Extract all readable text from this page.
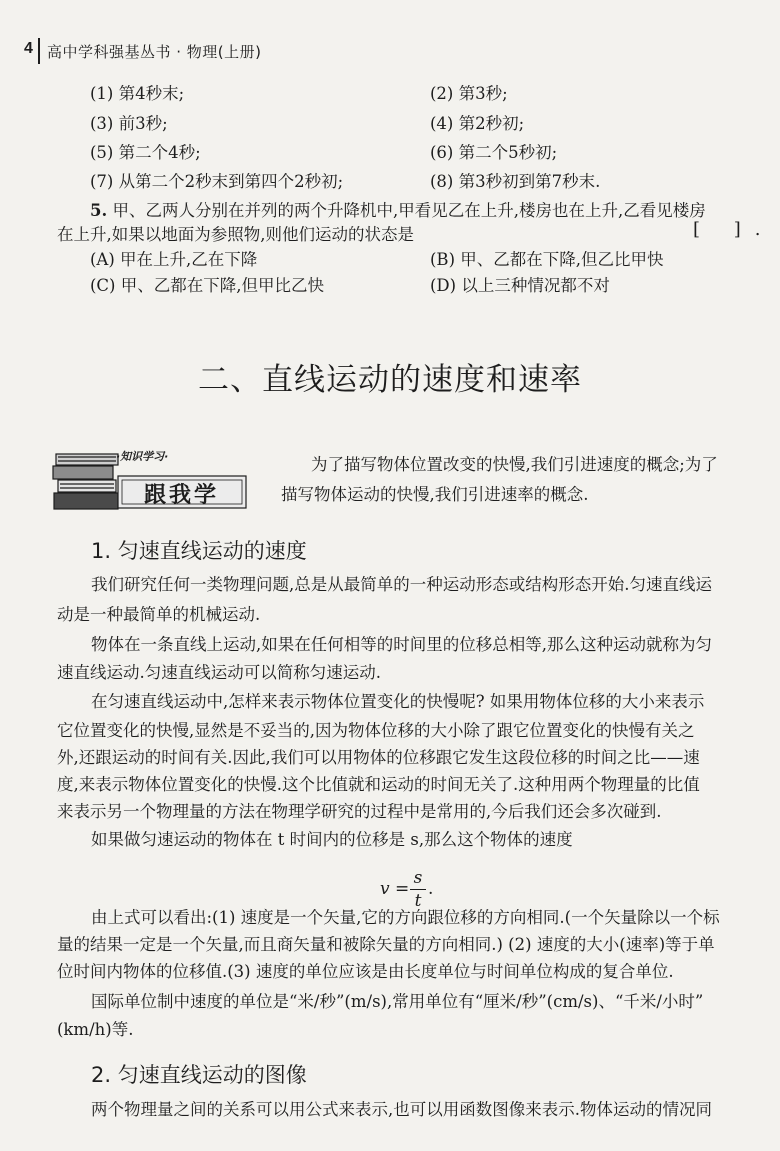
4 高中学科强基丛书 · 物理(上册)
(1) 第4秒末;	(2) 第3秒;
(3) 前3秒;	(4) 第2秒初;
(5) 第二个4秒;	(6) 第二个5秒初;
(7) 从第二个2秒末到第四个2秒初;	(8) 第3秒初到第7秒末.
5. 甲、乙两人分别在并列的两个升降机中,甲看见乙在上升,楼房也在上升,乙看见楼房
在上升,如果以地面为参照物,则他们运动的状态是	[ ].
(A) 甲在上升,乙在下降	(B) 甲、乙都在下降,但乙比甲快
(C) 甲、乙都在下降,但甲比乙快	(D) 以上三种情况都不对
二、直线运动的速度和速率
·知识学习·
跟我学
为了描写物体位置改变的快慢,我们引进速度的概念;为了
描写物体运动的快慢,我们引进速率的概念.
1. 匀速直线运动的速度
我们研究任何一类物理问题,总是从最简单的一种运动形态或结构形态开始.匀速直线运
动是一种最简单的机械运动.
物体在一条直线上运动,如果在任何相等的时间里的位移总相等,那么这种运动就称为匀
速直线运动.匀速直线运动可以简称匀速运动.
在匀速直线运动中,怎样来表示物体位置变化的快慢呢? 如果用物体位移的大小来表示
它位置变化的快慢,显然是不妥当的,因为物体位移的大小除了跟它位置变化的快慢有关之
外,还跟运动的时间有关.因此,我们可以用物体的位移跟它发生这段位移的时间之比——速
度,来表示物体位置变化的快慢.这个比值就和运动的时间无关了.这种用两个物理量的比值
来表示另一个物理量的方法在物理学研究的过程中是常用的,今后我们还会多次碰到.
如果做匀速运动的物体在 t 时间内的位移是 s,那么这个物体的速度
v =
s
t
.
由上式可以看出:(1) 速度是一个矢量,它的方向跟位移的方向相同.(一个矢量除以一个标
量的结果一定是一个矢量,而且商矢量和被除矢量的方向相同.) (2) 速度的大小(速率)等于单
位时间内物体的位移值.(3) 速度的单位应该是由长度单位与时间单位构成的复合单位.
国际单位制中速度的单位是“米/秒”(m/s),常用单位有“厘米/秒”(cm/s)、“千米/小时”
(km/h)等.
2. 匀速直线运动的图像
两个物理量之间的关系可以用公式来表示,也可以用函数图像来表示.物体运动的情况同
